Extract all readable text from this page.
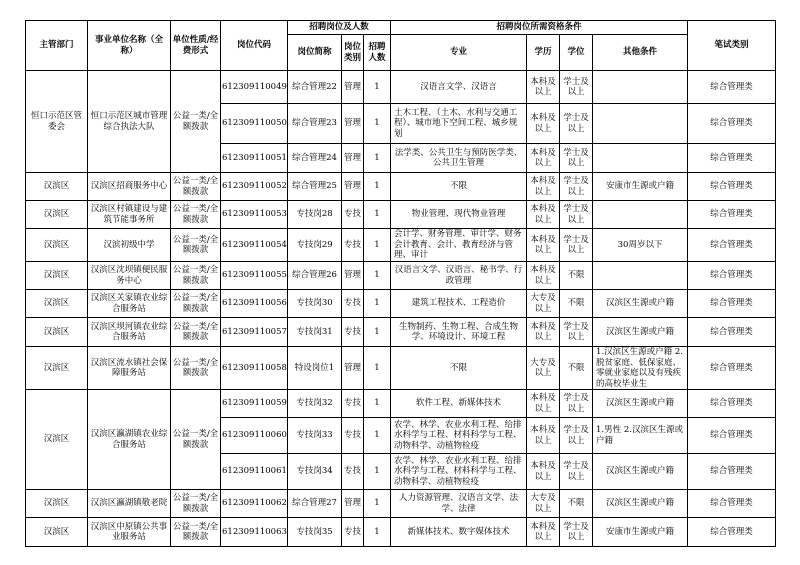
主管部门	事业单位名称（全称）	单位性质/经费形式	岗位代码	招聘岗位及人数			招聘岗位所需资格条件				笔试类别
				岗位简称	岗位类别	招聘人数	专业	学历	学位	其他条件	
恒口示范区管委会	恒口示范区城市管理综合执法大队	公益一类/全额拨款	612309110049	综合管理22	管理	1	汉语言文学、汉语言	本科及以上	学士及以上		综合管理类
			612309110050	综合管理23	管理	1	土木工程、（土木、水利与交通工程）、城市地下空间工程、城乡规划	本科及以上	学士及以上		综合管理类
			612309110051	综合管理24	管理	1	法学类、公共卫生与预防医学类、公共卫生管理	本科及以上	学士及以上		综合管理类
汉滨区	汉滨区招商服务中心	公益一类/全额拨款	612309110052	综合管理25	管理	1	不限	本科及以上	学士及以上	安康市生源或户籍	综合管理类
汉滨区	汉滨区村镇建设与建筑节能事务所	公益一类/全额拨款	612309110053	专技岗28	专技	1	物业管理、现代物业管理	本科及以上	学士及以上		综合管理类
汉滨区	汉滨初级中学	公益一类/全额拨款	612309110054	专技岗29	专技	1	会计学、财务管理、审计学、财务会计教育、会计、教育经济与管理、审计	本科及以上	学士及以上	30周岁以下	综合管理类
汉滨区	汉滨区沈坝镇便民服务中心	公益一类/全额拨款	612309110055	综合管理26	管理	1	汉语言文学、汉语言、秘书学、行政管理	本科及以上	不限		综合管理类
汉滨区	汉滨区关家镇农业综合服务站	公益一类/全额拨款	612309110056	专技岗30	专技	1	建筑工程技术、工程造价	大专及以上	不限	汉滨区生源或户籍	综合管理类
汉滨区	汉滨区坝河镇农业综合服务站	公益一类/全额拨款	612309110057	专技岗31	专技	1	生物制药、生物工程、合成生物学、环境设计、环境工程	本科及以上	学士及以上	汉滨区生源或户籍	综合管理类
汉滨区	汉滨区流水镇社会保障服务站	公益一类/全额拨款	612309110058	特设岗位1	管理	1	不限	大专及以上	不限	1.汉滨区生源或户籍 2.脱贫家庭、低保家庭、零就业家庭以及有残疾的高校毕业生	综合管理类
汉滨区	汉滨区瀛湖镇农业综合服务站	公益一类/全额拨款	612309110059	专技岗32	专技	1	软件工程、新媒体技术	本科及以上	学士及以上	汉滨区生源或户籍	综合管理类
			612309110060	专技岗33	专技	1	农学、林学、农业水利工程、给排水科学与工程、材料科学与工程、动物科学、动植物检疫	本科及以上	学士及以上	1.男性 2.汉滨区生源或户籍	综合管理类
			612309110061	专技岗34	专技	1	农学、林学、农业水利工程、给排水科学与工程、材料科学与工程、动物科学、动植物检疫	本科及以上	学士及以上	汉滨区生源或户籍	综合管理类
汉滨区	汉滨区瀛湖镇敬老院	公益一类/全额拨款	612309110062	综合管理27	管理	1	人力资源管理、汉语言文学、法学、法律	大专及以上	不限	汉滨区生源或户籍	综合管理类
汉滨区	汉滨区中原镇公共事业服务站	公益一类/全额拨款	612309110063	专技岗35	专技	1	新媒体技术、数字媒体技术	本科及以上	学士及以上	安康市生源或户籍	综合管理类
